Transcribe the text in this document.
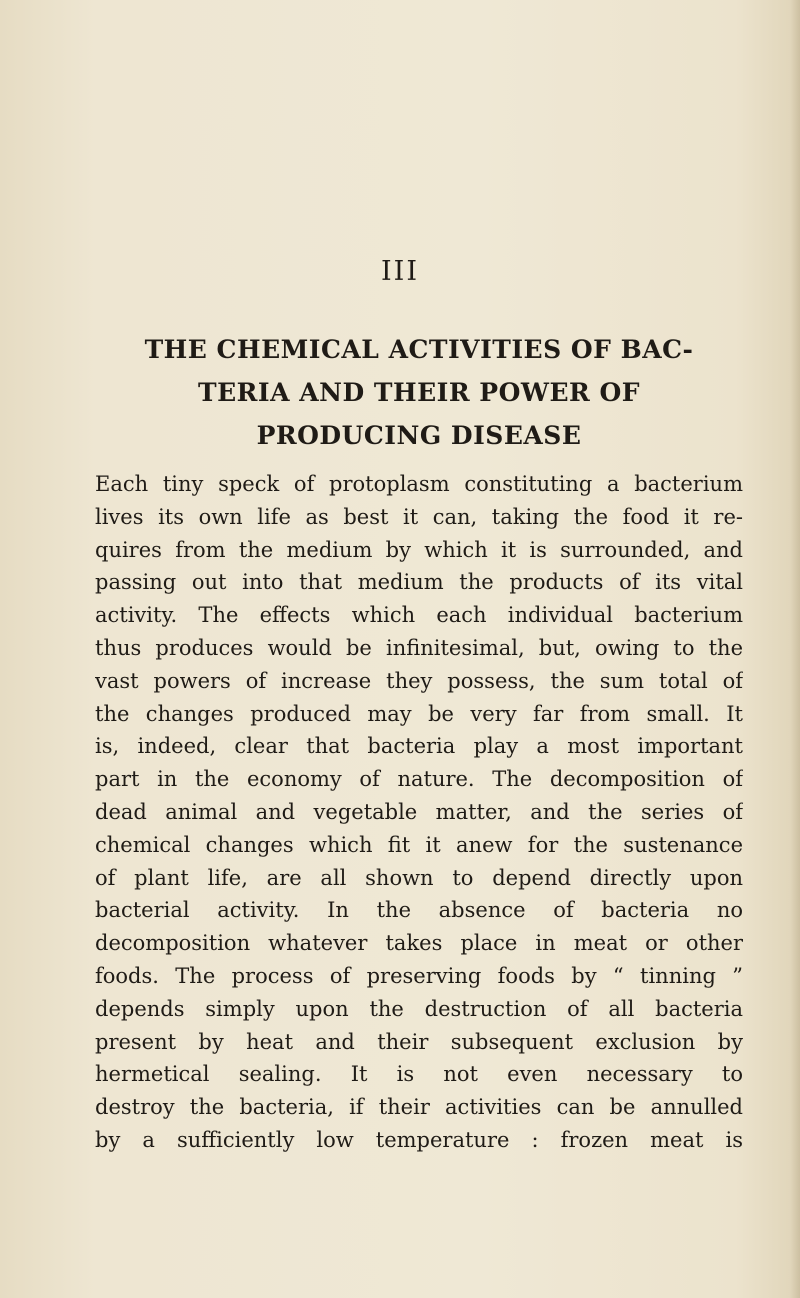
III
THE CHEMICAL ACTIVITIES OF BAC-
TERIA AND THEIR POWER OF
PRODUCING DISEASE
Each tiny speck of protoplasm constituting a bacterium
lives its own life as best it can, taking the food it re-
quires from the medium by which it is surrounded, and
passing out into that medium the products of its vital
activity. The effects which each individual bacterium
thus produces would be infinitesimal, but, owing to the
vast powers of increase they possess, the sum total of
the changes produced may be very far from small. It
is, indeed, clear that bacteria play a most important
part in the economy of nature. The decomposition of
dead animal and vegetable matter, and the series of
chemical changes which fit it anew for the sustenance
of plant life, are all shown to depend directly upon
bacterial activity. In the absence of bacteria no
decomposition whatever takes place in meat or other
foods. The process of preserving foods by “ tinning ”
depends simply upon the destruction of all bacteria
present by heat and their subsequent exclusion by
hermetical sealing. It is not even necessary to
destroy the bacteria, if their activities can be annulled
by a sufficiently low temperature : frozen meat is
